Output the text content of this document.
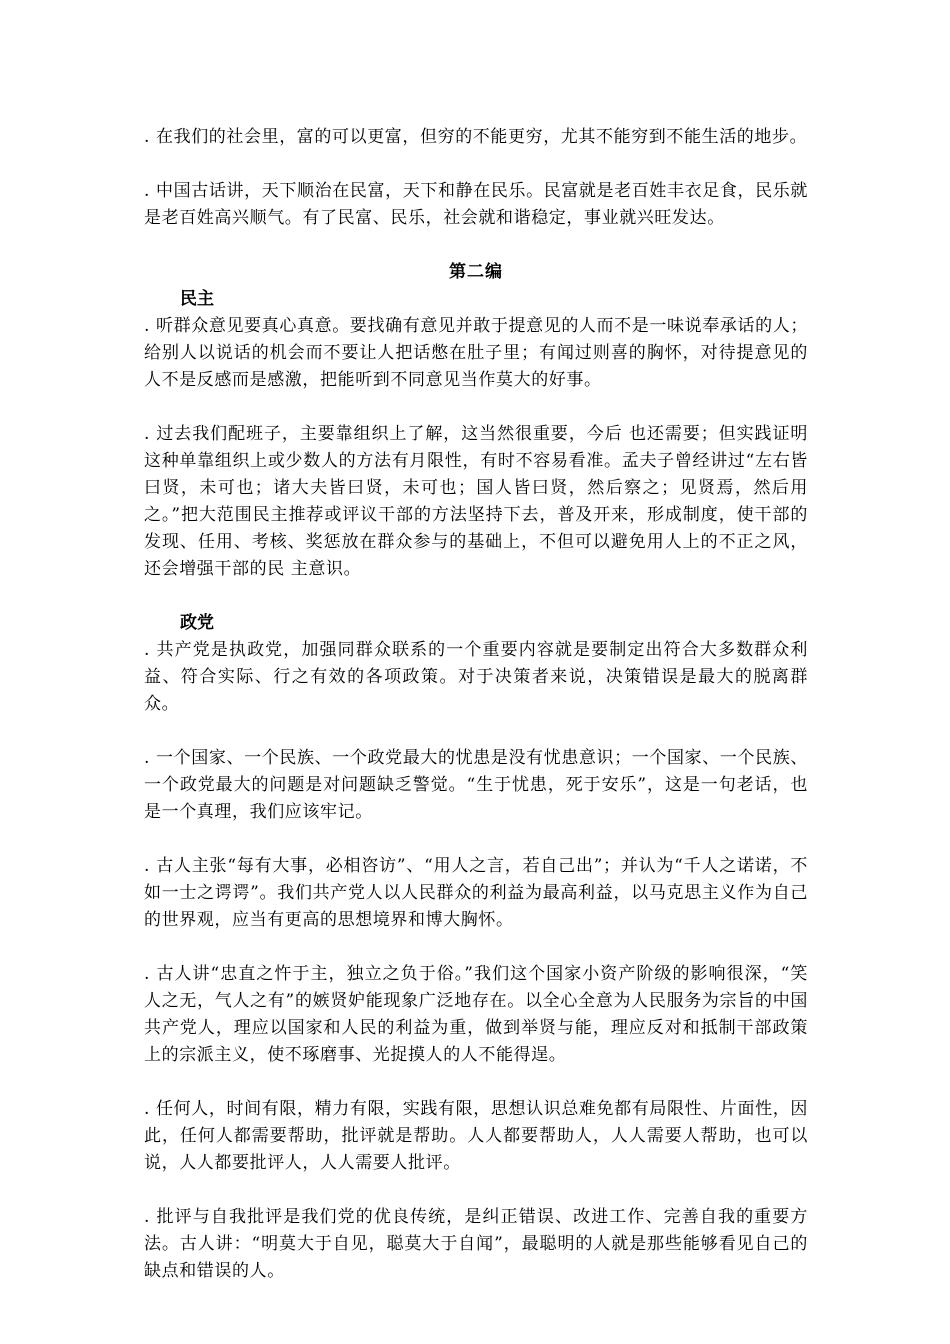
. 在我们的社会里，富的可以更富，但穷的不能更穷，尤其不能穷到不能生活的地步。

. 中国古话讲，天下顺治在民富，天下和静在民乐。民富就是老百姓丰衣足食，民乐就是老百姓高兴顺气。有了民富、民乐，社会就和谐稳定，事业就兴旺发达。

第二编

民主

. 听群众意见要真心真意。要找确有意见并敢于提意见的人而不是一味说奉承话的人；给别人以说话的机会而不要让人把话憋在肚子里；有闻过则喜的胸怀，对待提意见的人不是反感而是感激，把能听到不同意见当作莫大的好事。

. 过去我们配班子，主要靠组织上了解，这当然很重要，今后 也还需要；但实践证明这种单靠组织上或少数人的方法有月限性，有时不容易看准。孟夫子曾经讲过“左右皆曰贤，未可也；诸大夫皆曰贤，未可也；国人皆曰贤，然后察之；见贤焉，然后用之。”把大范围民主推荐或评议干部的方法坚持下去，普及开来，形成制度，使干部的发现、任用、考核、奖惩放在群众参与的基础上，不但可以避免用人上的不正之风，还会增强干部的民 主意识。

政党

. 共产党是执政党，加强同群众联系的一个重要内容就是要制定出符合大多数群众利益、符合实际、行之有效的各项政策。对于决策者来说，决策错误是最大的脱离群众。

. 一个国家、一个民族、一个政党最大的忧患是没有忧患意识；一个国家、一个民族、一个政党最大的问题是对问题缺乏警觉。“生于忧患，死于安乐”，这是一句老话，也是一个真理，我们应该牢记。

. 古人主张“每有大事，必相咨访”、“用人之言，若自己出”；并认为“千人之诺诺，不如一士之谔谔”。我们共产党人以人民群众的利益为最高利益，以马克思主义作为自己的世界观，应当有更高的思想境界和博大胸怀。

. 古人讲“忠直之忤于主，独立之负于俗。”我们这个国家小资产阶级的影响很深，“笑人之无，气人之有”的嫉贤妒能现象广泛地存在。以全心全意为人民服务为宗旨的中国共产党人，理应以国家和人民的利益为重，做到举贤与能，理应反对和抵制干部政策上的宗派主义，使不琢磨事、光捉摸人的人不能得逞。

. 任何人，时间有限，精力有限，实践有限，思想认识总难免都有局限性、片面性，因此，任何人都需要帮助，批评就是帮助。人人都要帮助人，人人需要人帮助，也可以说，人人都要批评人，人人需要人批评。

. 批评与自我批评是我们党的优良传统，是纠正错误、改进工作、完善自我的重要方法。古人讲：“明莫大于自见，聪莫大于自闻”，最聪明的人就是那些能够看见自己的缺点和错误的人。
